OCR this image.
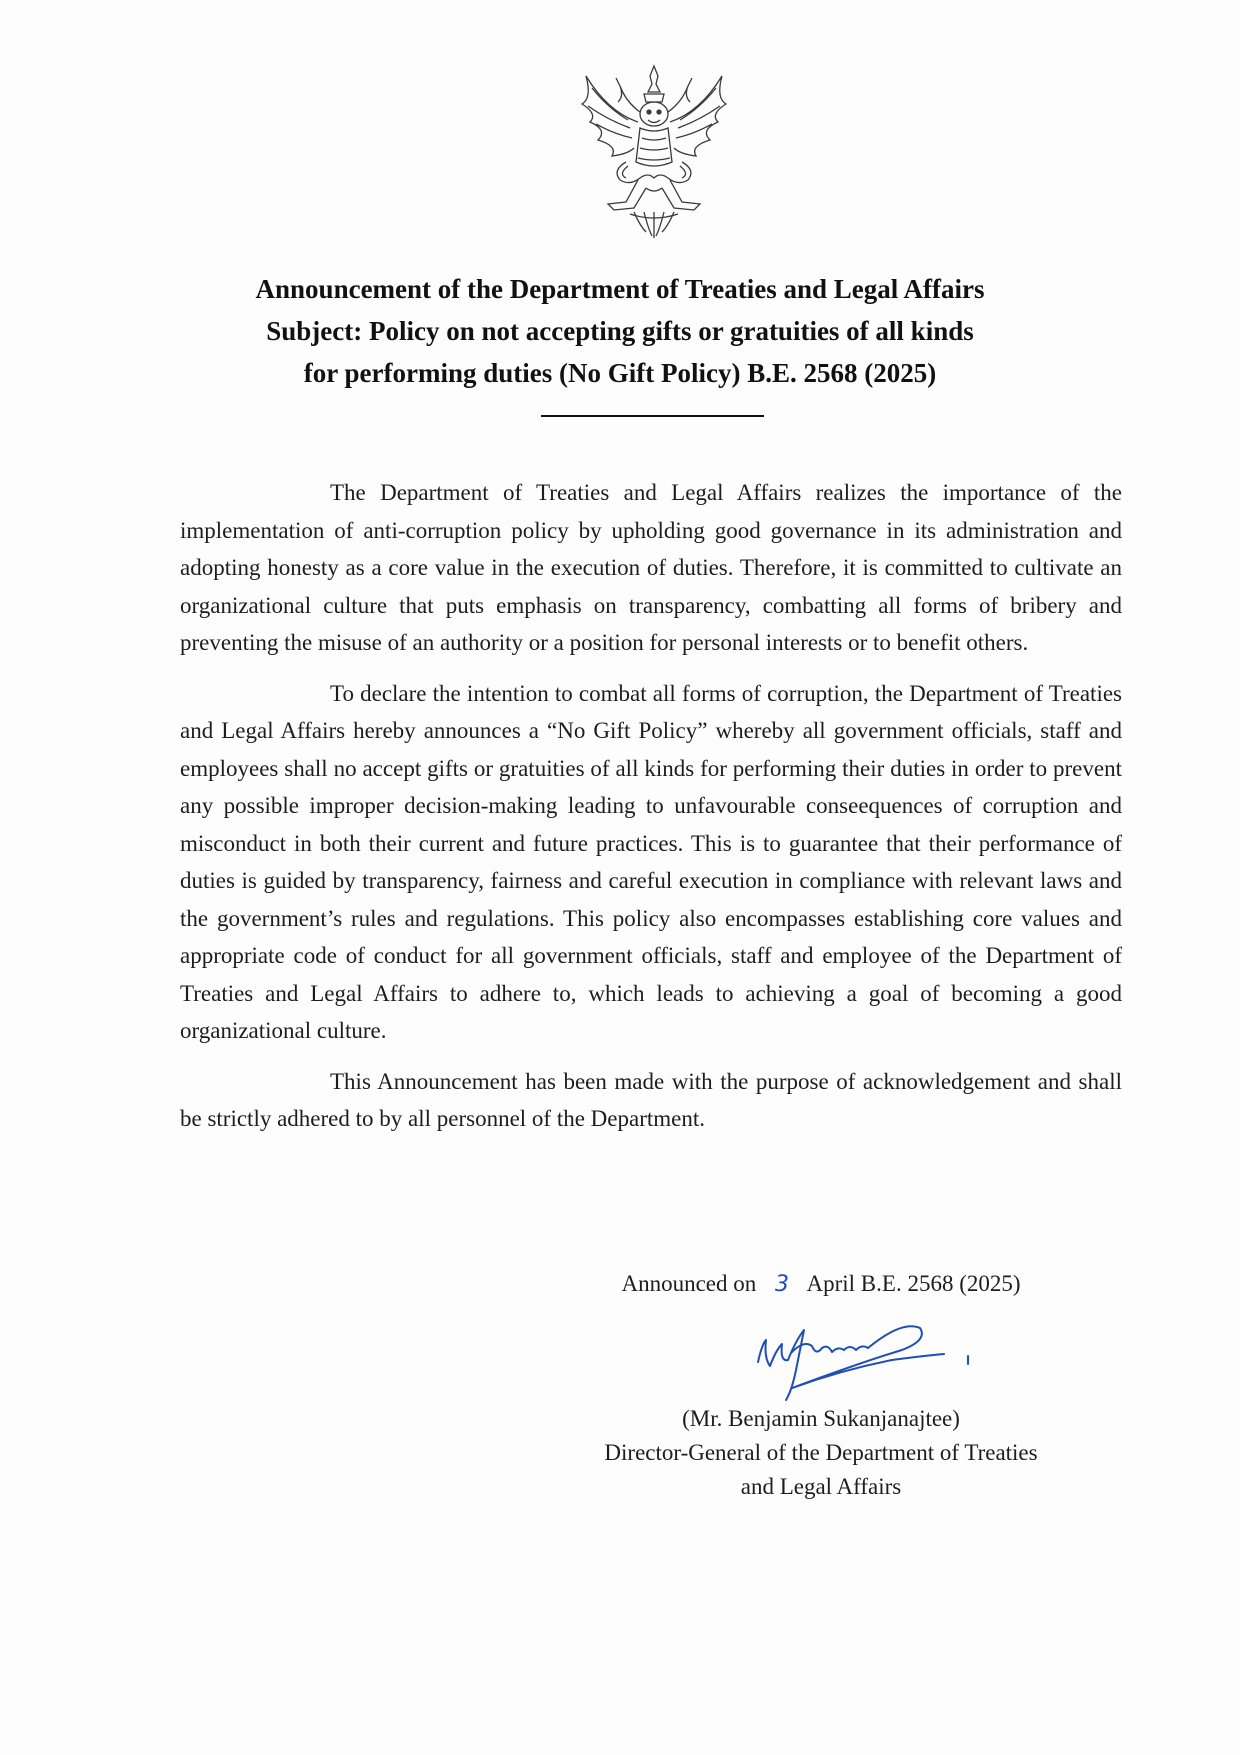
Announcement of the Department of Treaties and Legal Affairs
Subject: Policy on not accepting gifts or gratuities of all kinds
for performing duties (No Gift Policy) B.E. 2568 (2025)

The Department of Treaties and Legal Affairs realizes the importance of the implementation of anti-corruption policy by upholding good governance in its administration and adopting honesty as a core value in the execution of duties. Therefore, it is committed to cultivate an organizational culture that puts emphasis on transparency, combatting all forms of bribery and preventing the misuse of an authority or a position for personal interests or to benefit others.

To declare the intention to combat all forms of corruption, the Department of Treaties and Legal Affairs hereby announces a “No Gift Policy” whereby all government officials, staff and employees shall no accept gifts or gratuities of all kinds for performing their duties in order to prevent any possible improper decision-making leading to unfavourable conseequences of corruption and misconduct in both their current and future practices. This is to guarantee that their performance of duties is guided by transparency, fairness and careful execution in compliance with relevant laws and the government’s rules and regulations. This policy also encompasses establishing core values and appropriate code of conduct for all government officials, staff and employee of the Department of Treaties and Legal Affairs to adhere to, which leads to achieving a goal of becoming a good organizational culture.

This Announcement has been made with the purpose of acknowledgement and shall be strictly adhered to by all personnel of the Department.

Announced on 3 April B.E. 2568 (2025)
(Mr. Benjamin Sukanjanajtee)
Director-General of the Department of Treaties
and Legal Affairs
